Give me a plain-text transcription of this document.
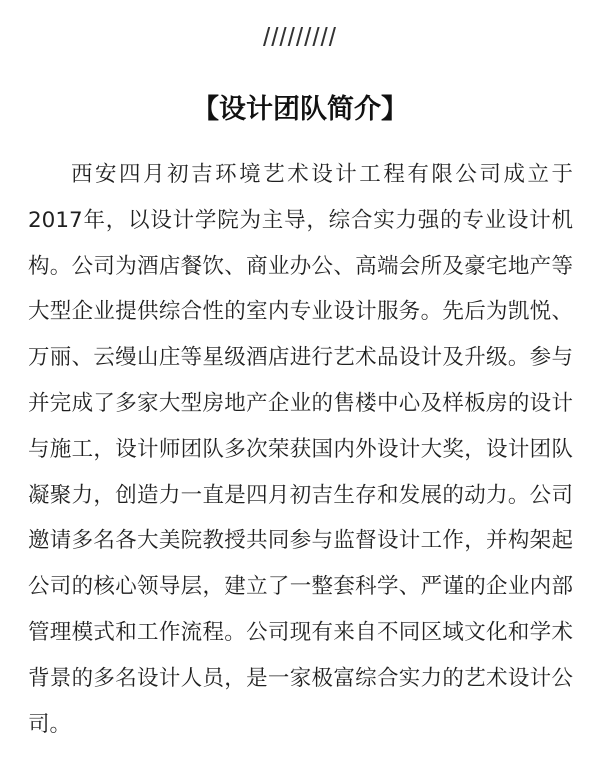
/////////
【设计团队简介】

西安四月初吉环境艺术设计工程有限公司成立于2017年，以设计学院为主导，综合实力强的专业设计机构。公司为酒店餐饮、商业办公、高端会所及豪宅地产等大型企业提供综合性的室内专业设计服务。先后为凯悦、万丽、云缦山庄等星级酒店进行艺术品设计及升级。参与并完成了多家大型房地产企业的售楼中心及样板房的设计与施工，设计师团队多次荣获国内外设计大奖，设计团队凝聚力，创造力一直是四月初吉生存和发展的动力。公司邀请多名各大美院教授共同参与监督设计工作，并构架起公司的核心领导层，建立了一整套科学、严谨的企业内部管理模式和工作流程。公司现有来自不同区域文化和学术背景的多名设计人员，是一家极富综合实力的艺术设计公司。
